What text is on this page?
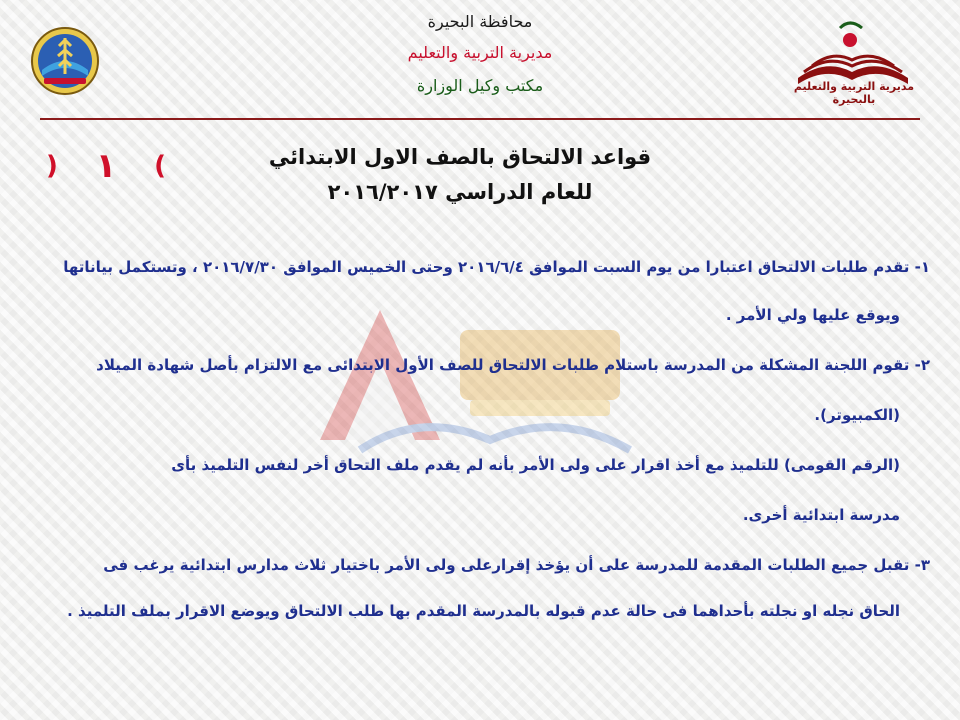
مديرية التربية والتعليم بالبحيرة
محافظة البحيرة
مديرية التربية والتعليم
مكتب وكيل الوزارة
قواعد الالتحاق بالصف الاول الابتدائي
للعام الدراسي ٢٠١٦/٢٠١٧
) ١ (
١- تقدم طلبات الالتحاق اعتبارا من يوم السبت الموافق ٢٠١٦/٦/٤ وحتى الخميس الموافق ٢٠١٦/٧/٣٠ ، وتستكمل بياناتها
ويوقع عليها ولي الأمر .
٢- تقوم اللجنة المشكلة من المدرسة باستلام طلبات الالتحاق للصف الأول الابتدائى مع الالتزام بأصل شهادة الميلاد
(الكمبيوتر).
(الرقم القومى) للتلميذ مع أخذ اقرار على ولى الأمر بأنه لم يقدم ملف التحاق أخر لنفس التلميذ بأى
مدرسة ابتدائية أخرى.
٣- تقبل جميع الطلبات المقدمة للمدرسة على أن يؤخذ إقرارعلى ولى الأمر باختيار ثلاث مدارس ابتدائية يرغب فى
الحاق نجله او نجلته بأحداهما فى حالة عدم قبوله بالمدرسة المقدم بها طلب الالتحاق ويوضع الاقرار بملف التلميذ .
